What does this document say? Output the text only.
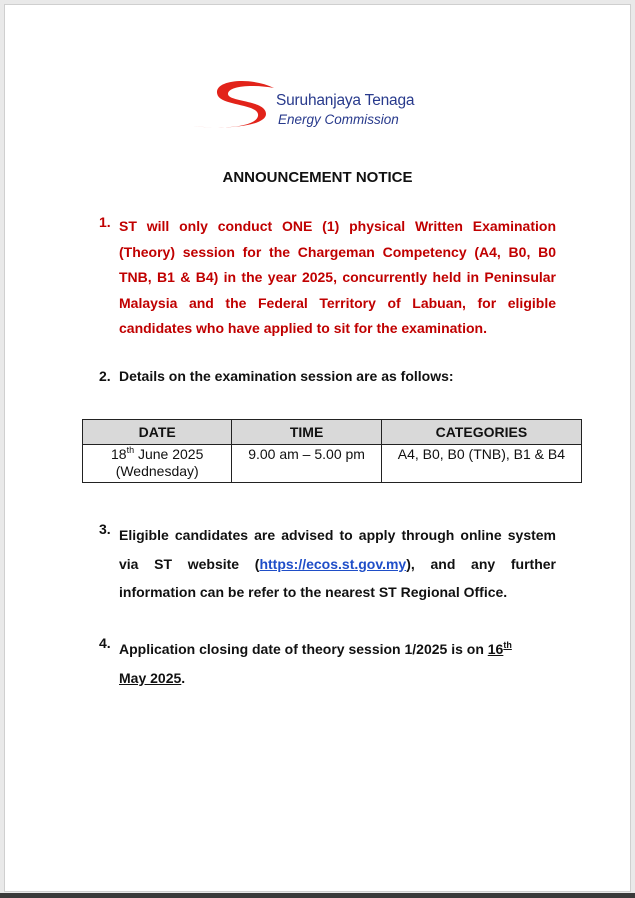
Suruhanjaya Tenaga
Energy Commission
ANNOUNCEMENT NOTICE
1. ST will only conduct ONE (1) physical Written Examination (Theory) session for the Chargeman Competency (A4, B0, B0 TNB, B1 & B4) in the year 2025, concurrently held in Peninsular Malaysia and the Federal Territory of Labuan, for eligible candidates who have applied to sit for the examination.
2. Details on the examination session are as follows:
DATE	TIME	CATEGORIES
18th June 2025
(Wednesday)	9.00 am – 5.00 pm	A4, B0, B0 (TNB), B1 & B4
3. Eligible candidates are advised to apply through online system via ST website (https://ecos.st.gov.my), and any further information can be refer to the nearest ST Regional Office.
4. Application closing date of theory session 1/2025 is on 16th
May 2025.
